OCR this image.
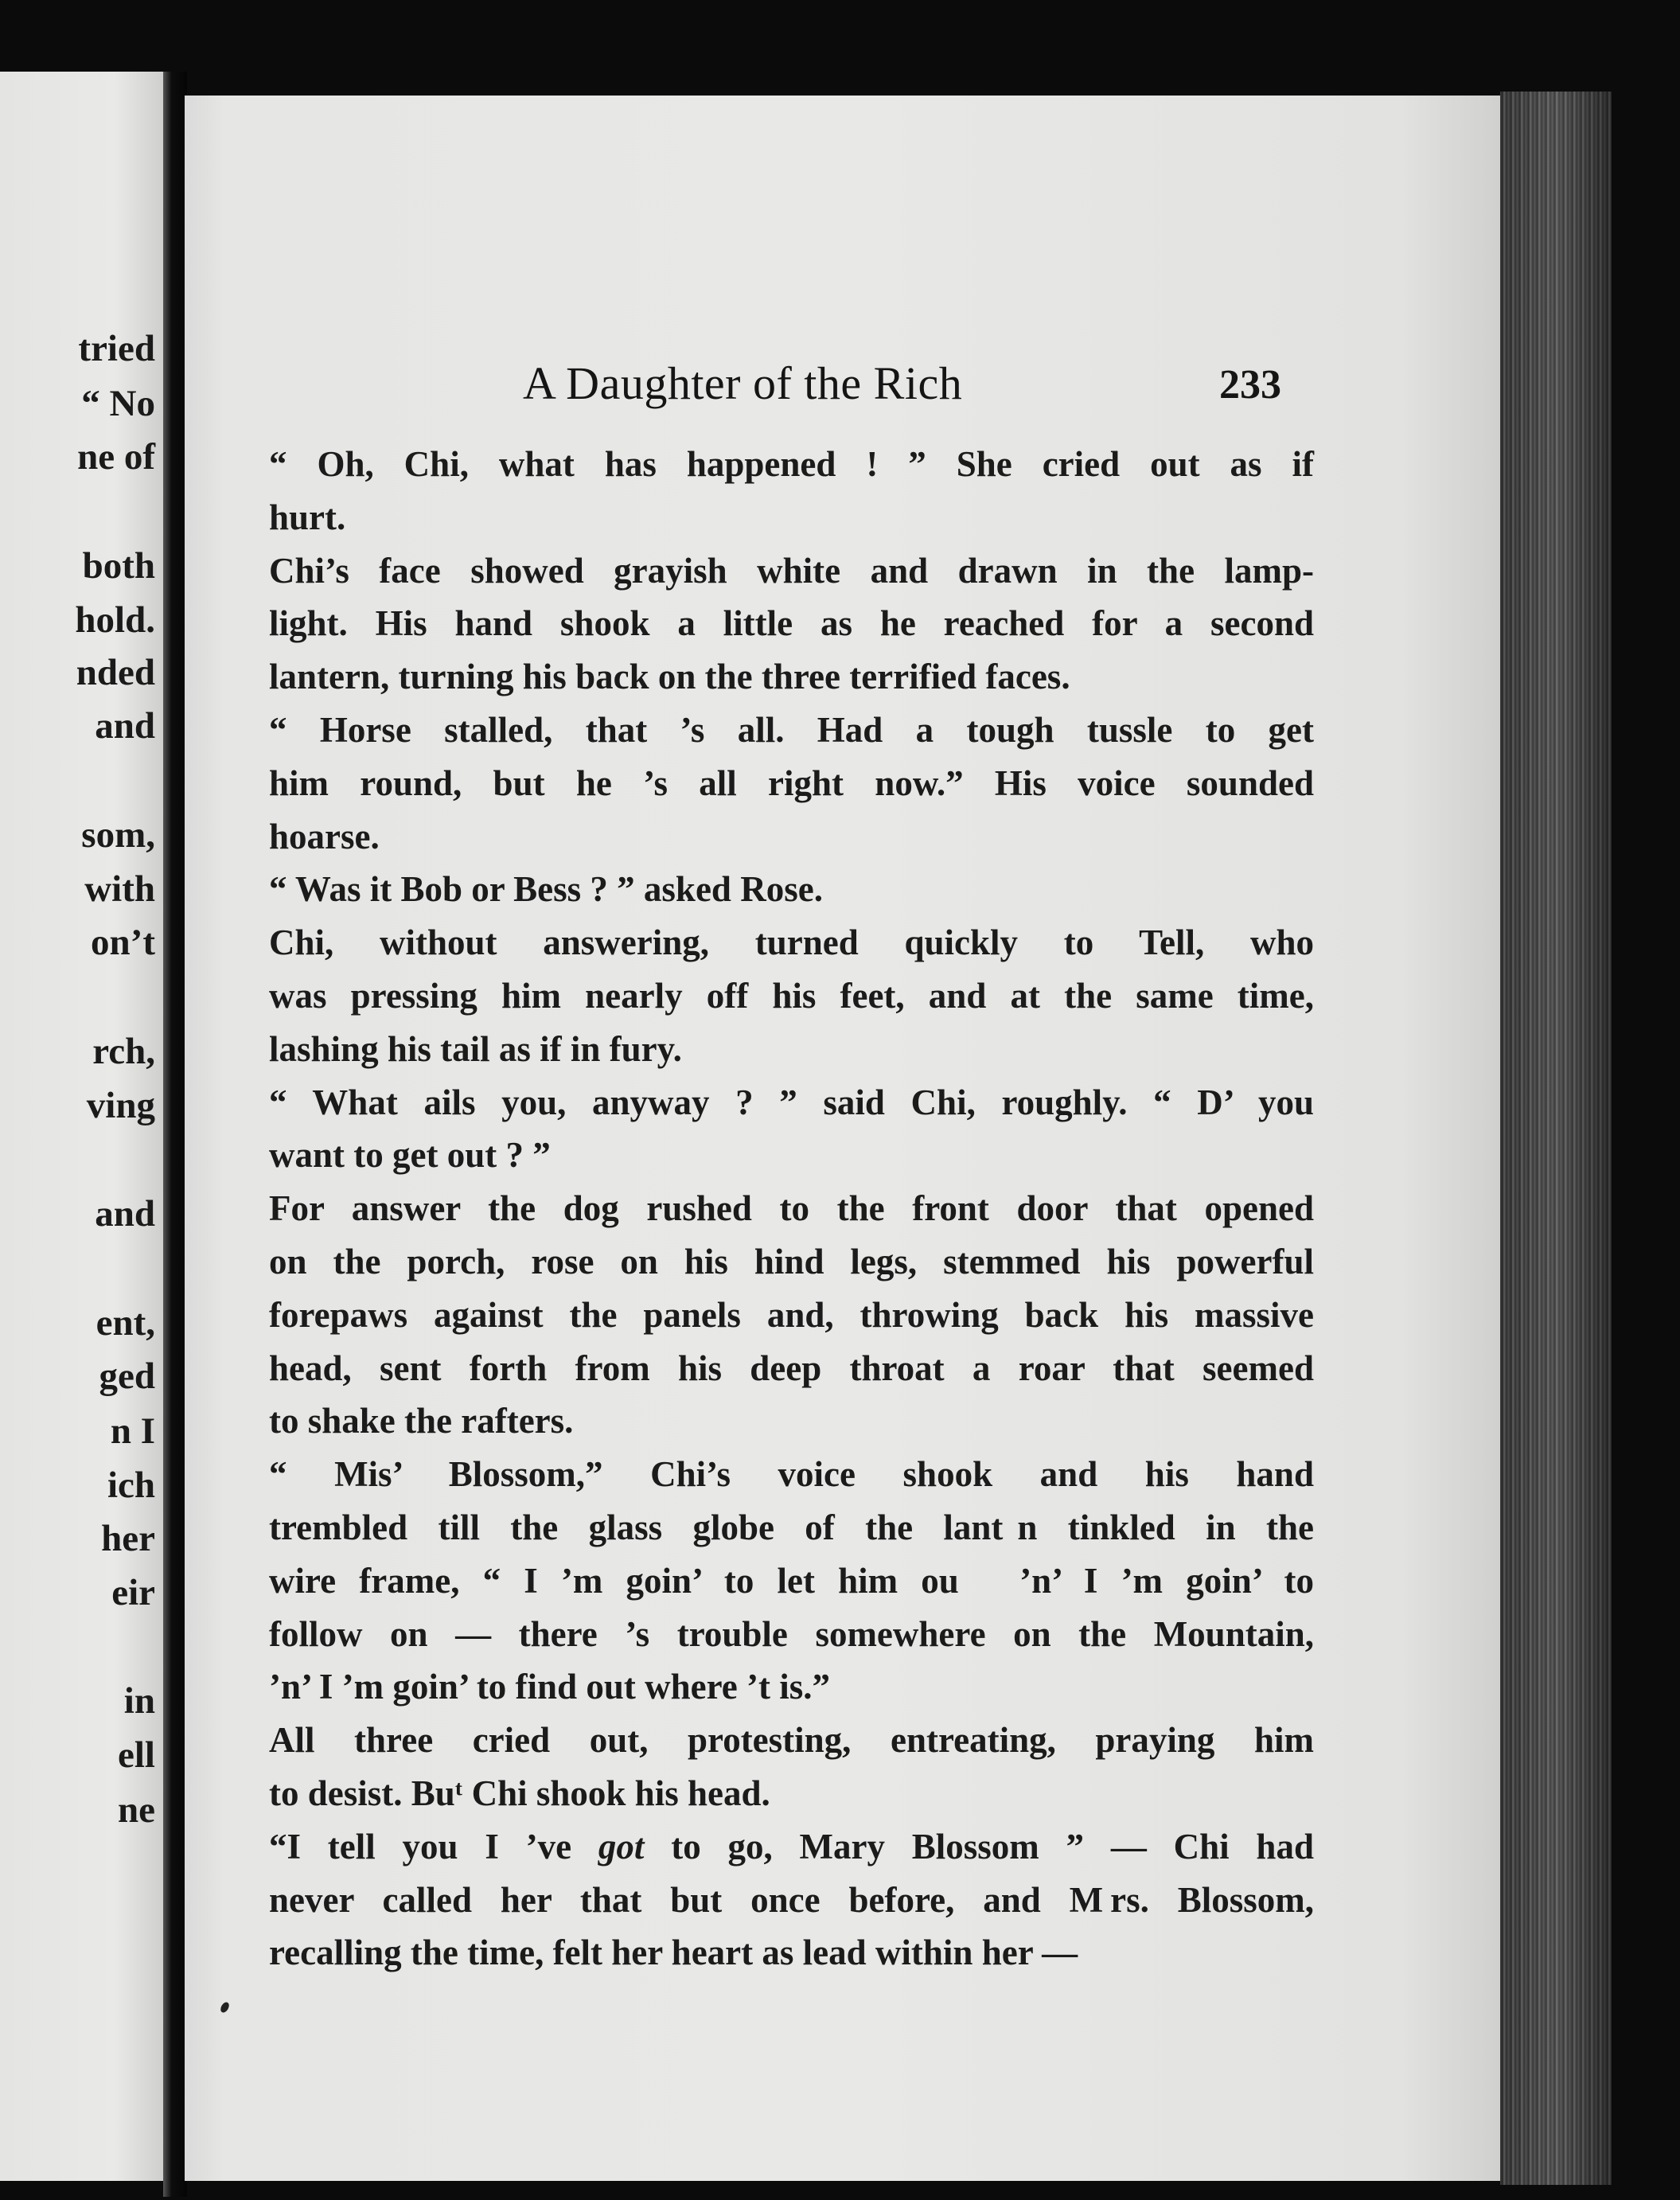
tried

“ No

ne of

both

hold.

nded

and

som,

with

on’t

rch,

ving

and

ent,

ged

n I

ich

her

eir

in

ell

ne

A Daughter of the Rich	233

“ Oh, Chi, what has happened ! ” She cried out as if
hurt.

Chi’s face showed grayish white and drawn in the lamp-
light. His hand shook a little as he reached for a second
lantern, turning his back on the three terrified faces.

“ Horse stalled, that ’s all. Had a tough tussle to get
him round, but he ’s all right now.” His voice sounded
hoarse.

“ Was it Bob or Bess ? ” asked Rose.

Chi, without answering, turned quickly to Tell, who
was pressing him nearly off his feet, and at the same time,
lashing his tail as if in fury.

“ What ails you, anyway ? ” said Chi, roughly. “ D’ you
want to get out ? ”

For answer the dog rushed to the front door that opened
on the porch, rose on his hind legs, stemmed his powerful
forepaws against the panels and, throwing back his massive
head, sent forth from his deep throat a roar that seemed
to shake the rafters.

“ Mis’ Blossom,” Chi’s voice shook and his hand
trembled till the glass globe of the lant  n tinkled in the
wire frame, “ I ’m goin’ to let him ou    ’n’ I ’m goin’ to
follow on — there ’s trouble somewhere on the Mountain,
’n’ I ’m goin’ to find out where ’t is.”

All three cried out, protesting, entreating, praying him
to desist. Buᵗ Chi shook his head.

“I tell you I ’ve got to go, Mary Blossom ” — Chi had
never called her that but once before, and M rs. Blossom,
recalling the time, felt her heart as lead within her —
